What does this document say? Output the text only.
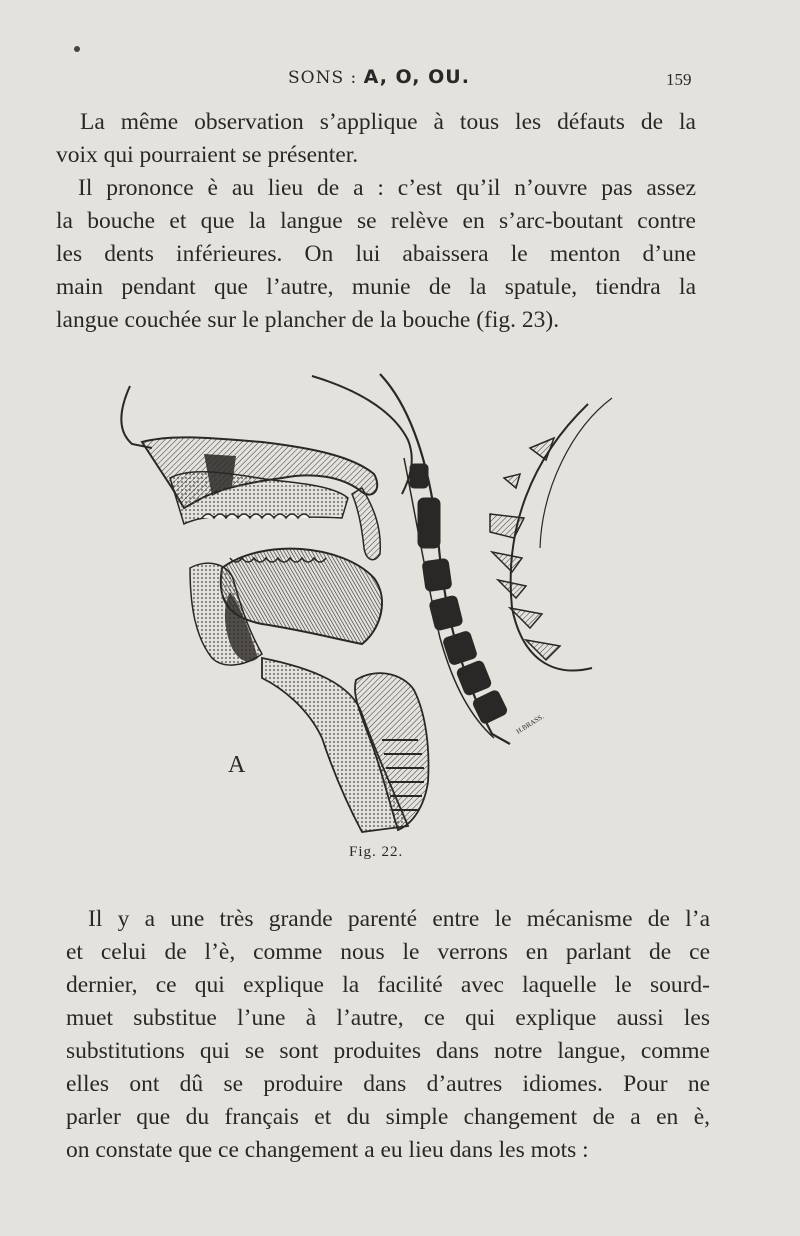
SONS : A, O, OU.	159
La même observation s’applique à tous les défauts de la
voix qui pourraient se présenter.
Il prononce è au lieu de a : c’est qu’il n’ouvre pas assez
la bouche et que la langue se relève en s’arc-boutant contre
les dents inférieures. On lui abaissera le menton d’une
main pendant que l’autre, munie de la spatule, tiendra la
langue couchée sur le plancher de la bouche (fig. 23).
H.BRASS.
A
Fig. 22.
Il y a une très grande parenté entre le mécanisme de l’a
et celui de l’è, comme nous le verrons en parlant de ce
dernier, ce qui explique la facilité avec laquelle le sourd-
muet substitue l’une à l’autre, ce qui explique aussi les
substitutions qui se sont produites dans notre langue, comme
elles ont dû se produire dans d’autres idiomes. Pour ne
parler que du français et du simple changement de a en è,
on constate que ce changement a eu lieu dans les mots :
